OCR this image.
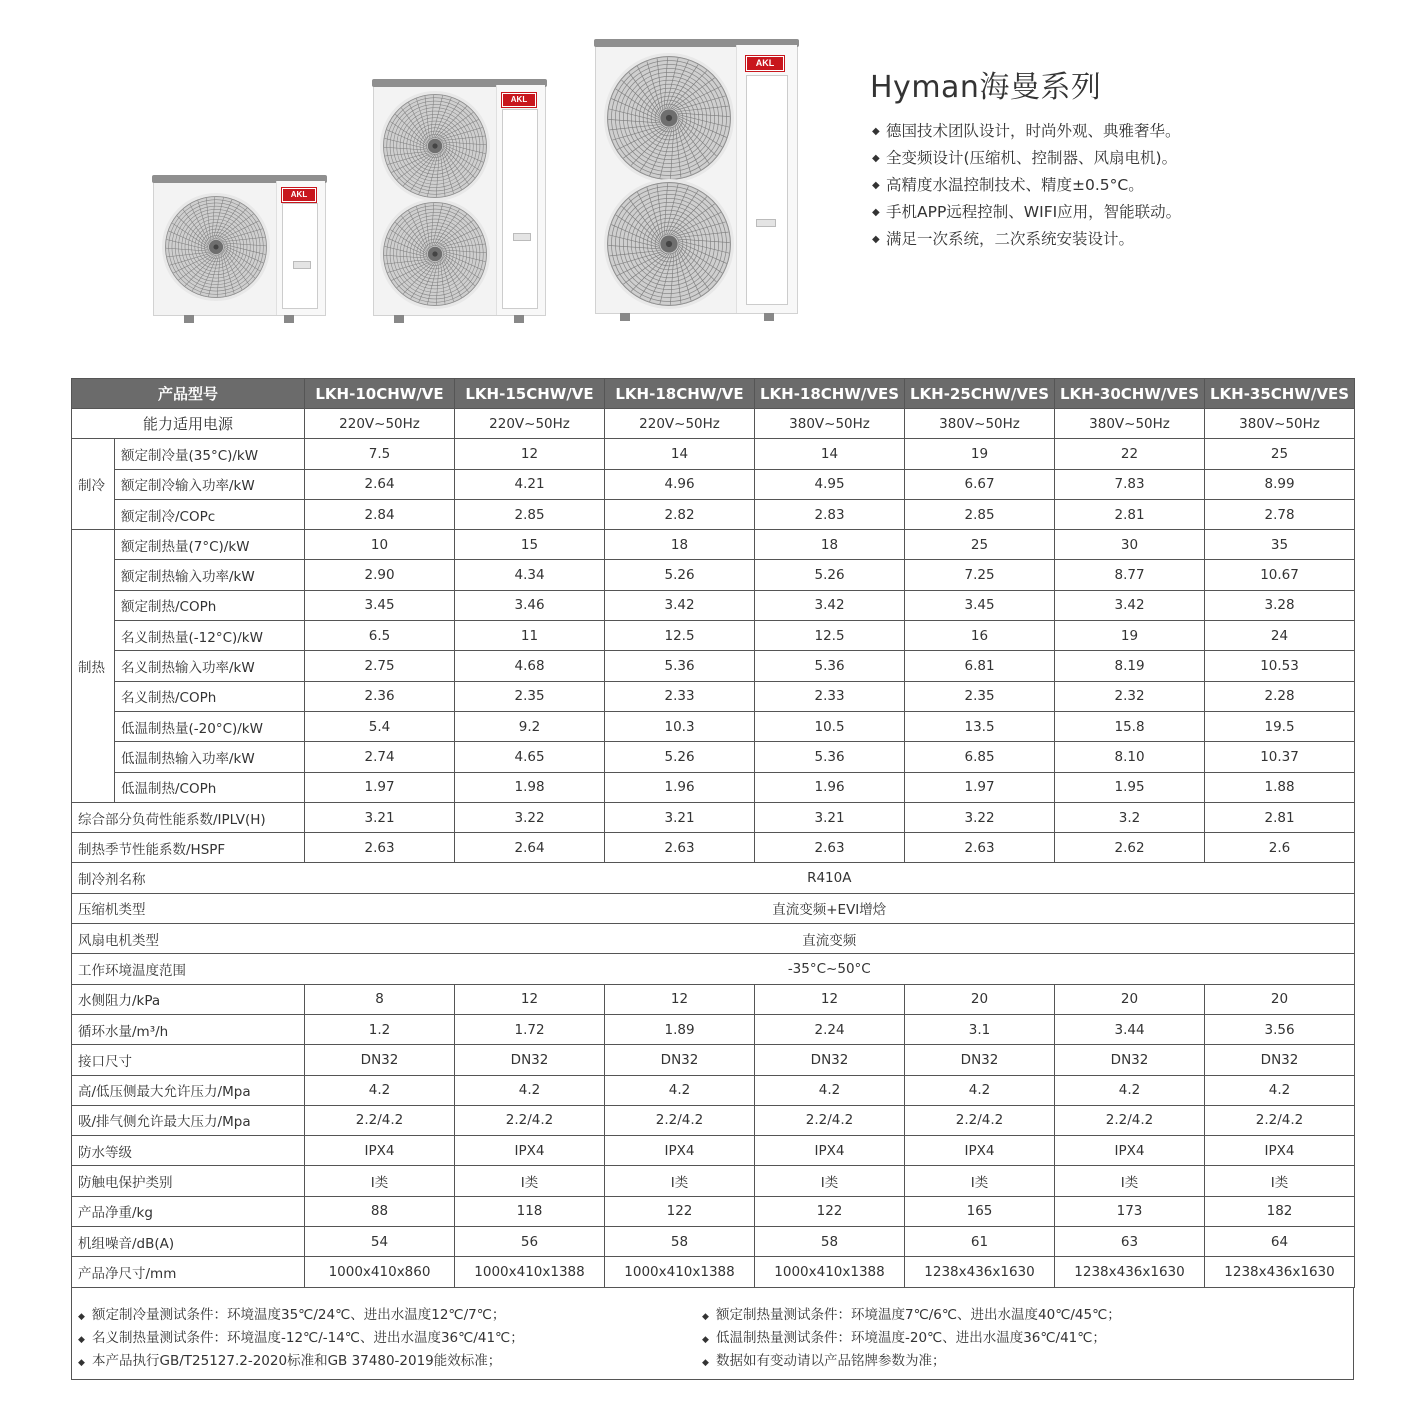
AKL
AKL
AKL
Hyman海曼系列
◆ 德国技术团队设计，时尚外观、典雅奢华。
◆ 全变频设计(压缩机、控制器、风扇电机)。
◆ 高精度水温控制技术、精度±0.5°C。
◆ 手机APP远程控制、WIFI应用，智能联动。
◆ 满足一次系统，二次系统安装设计。
产品型号		LKH-10CHW/VE	LKH-15CHW/VE	LKH-18CHW/VE	LKH-18CHW/VES	LKH-25CHW/VES	LKH-30CHW/VES	LKH-35CHW/VES
能力适用电源		220V~50Hz	220V~50Hz	220V~50Hz	380V~50Hz	380V~50Hz	380V~50Hz	380V~50Hz
制冷	额定制冷量(35°C)/kW	7.5	12	14	14	19	22	25
	额定制冷输入功率/kW	2.64	4.21	4.96	4.95	6.67	7.83	8.99
	额定制冷/COPc	2.84	2.85	2.82	2.83	2.85	2.81	2.78
制热	额定制热量(7°C)/kW	10	15	18	18	25	30	35
	额定制热输入功率/kW	2.90	4.34	5.26	5.26	7.25	8.77	10.67
	额定制热/COPh	3.45	3.46	3.42	3.42	3.45	3.42	3.28
	名义制热量(-12°C)/kW	6.5	11	12.5	12.5	16	19	24
	名义制热输入功率/kW	2.75	4.68	5.36	5.36	6.81	8.19	10.53
	名义制热/COPh	2.36	2.35	2.33	2.33	2.35	2.32	2.28
	低温制热量(-20°C)/kW	5.4	9.2	10.3	10.5	13.5	15.8	19.5
	低温制热输入功率/kW	2.74	4.65	5.26	5.36	6.85	8.10	10.37
	低温制热/COPh	1.97	1.98	1.96	1.96	1.97	1.95	1.88
综合部分负荷性能系数/IPLV(H)		3.21	3.22	3.21	3.21	3.22	3.2	2.81
制热季节性能系数/HSPF		2.63	2.64	2.63	2.63	2.63	2.62	2.6
制冷剂名称		R410A						
压缩机类型		直流变频+EVI增焓						
风扇电机类型		直流变频						
工作环境温度范围		-35°C~50°C						
水侧阻力/kPa		8	12	12	12	20	20	20
循环水量/m³/h		1.2	1.72	1.89	2.24	3.1	3.44	3.56
接口尺寸		DN32	DN32	DN32	DN32	DN32	DN32	DN32
高/低压侧最大允许压力/Mpa		4.2	4.2	4.2	4.2	4.2	4.2	4.2
吸/排气侧允许最大压力/Mpa		2.2/4.2	2.2/4.2	2.2/4.2	2.2/4.2	2.2/4.2	2.2/4.2	2.2/4.2
防水等级		IPX4	IPX4	IPX4	IPX4	IPX4	IPX4	IPX4
防触电保护类别		I类	I类	I类	I类	I类	I类	I类
产品净重/kg		88	118	122	122	165	173	182
机组噪音/dB(A)		54	56	58	58	61	63	64
产品净尺寸/mm		1000x410x860	1000x410x1388	1000x410x1388	1000x410x1388	1238x436x1630	1238x436x1630	1238x436x1630
◆ 额定制冷量测试条件：环境温度35℃/24℃、进出水温度12℃/7℃；
◆ 名义制热量测试条件：环境温度-12℃/-14℃、进出水温度36℃/41℃；
◆ 本产品执行GB/T25127.2-2020标准和GB 37480-2019能效标准；
◆ 额定制热量测试条件：环境温度7℃/6℃、进出水温度40℃/45℃；
◆ 低温制热量测试条件：环境温度-20℃、进出水温度36℃/41℃；
◆ 数据如有变动请以产品铭牌参数为准；
